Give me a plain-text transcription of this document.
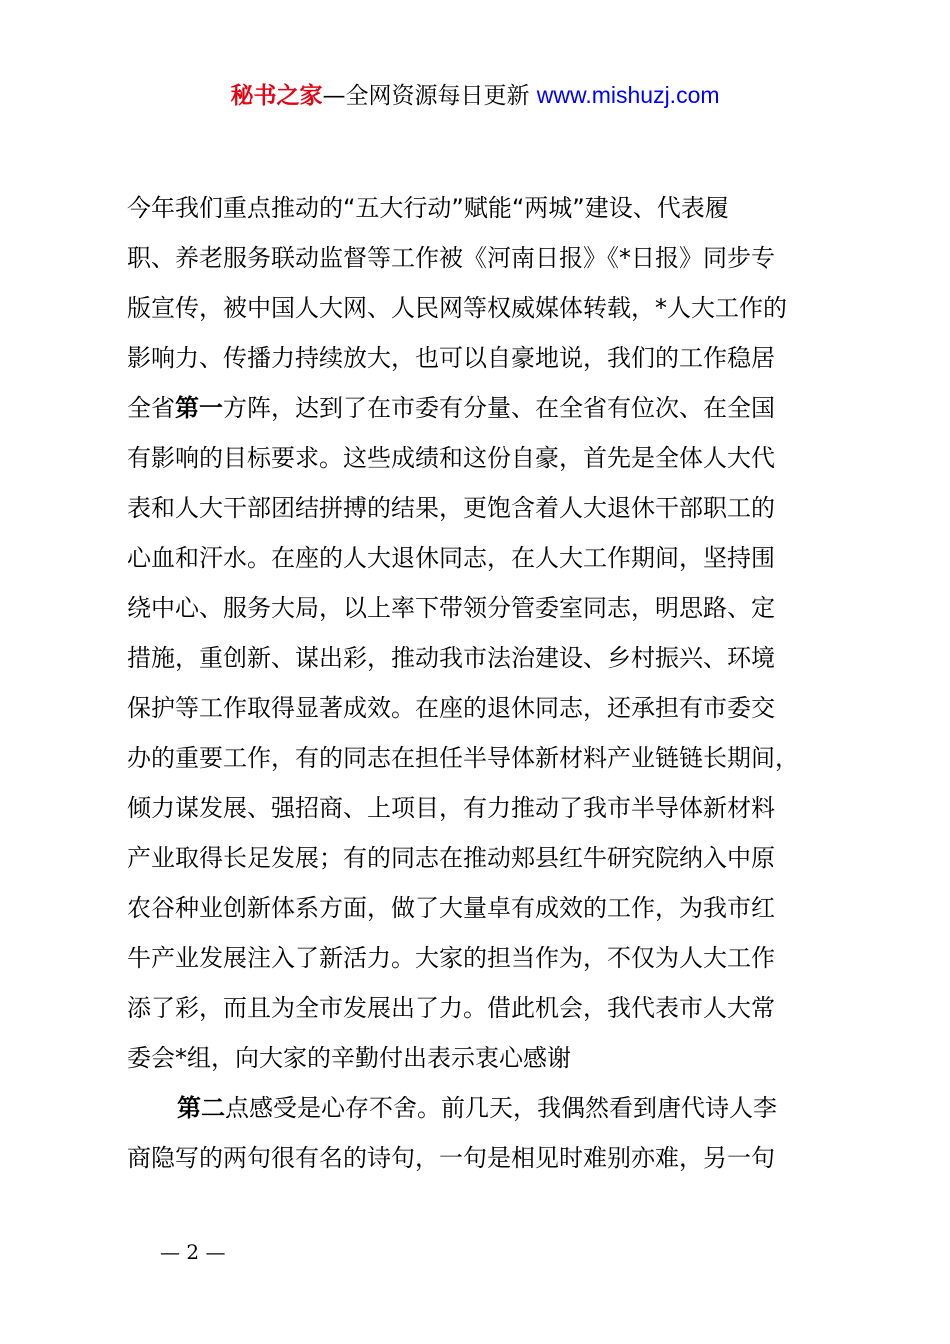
秘书之家—全网资源每日更新 www.mishuzj.com
今年我们重点推动的“五大行动”赋能“两城”建设、代表履
职、养老服务联动监督等工作被《河南日报》《*日报》同步专
版宣传，被中国人大网、人民网等权威媒体转载，*人大工作的
影响力、传播力持续放大，也可以自豪地说，我们的工作稳居
全省第一方阵，达到了在市委有分量、在全省有位次、在全国
有影响的目标要求。这些成绩和这份自豪，首先是全体人大代
表和人大干部团结拼搏的结果，更饱含着人大退休干部职工的
心血和汗水。在座的人大退休同志，在人大工作期间，坚持围
绕中心、服务大局，以上率下带领分管委室同志，明思路、定
措施，重创新、谋出彩，推动我市法治建设、乡村振兴、环境
保护等工作取得显著成效。在座的退休同志，还承担有市委交
办的重要工作，有的同志在担任半导体新材料产业链链长期间，
倾力谋发展、强招商、上项目，有力推动了我市半导体新材料
产业取得长足发展；有的同志在推动郏县红牛研究院纳入中原
农谷种业创新体系方面，做了大量卓有成效的工作，为我市红
牛产业发展注入了新活力。大家的担当作为，不仅为人大工作
添了彩，而且为全市发展出了力。借此机会，我代表市人大常
委会*组，向大家的辛勤付出表示衷心感谢
第二点感受是心存不舍。前几天，我偶然看到唐代诗人李
商隐写的两句很有名的诗句，一句是相见时难别亦难，另一句
— 2 —
